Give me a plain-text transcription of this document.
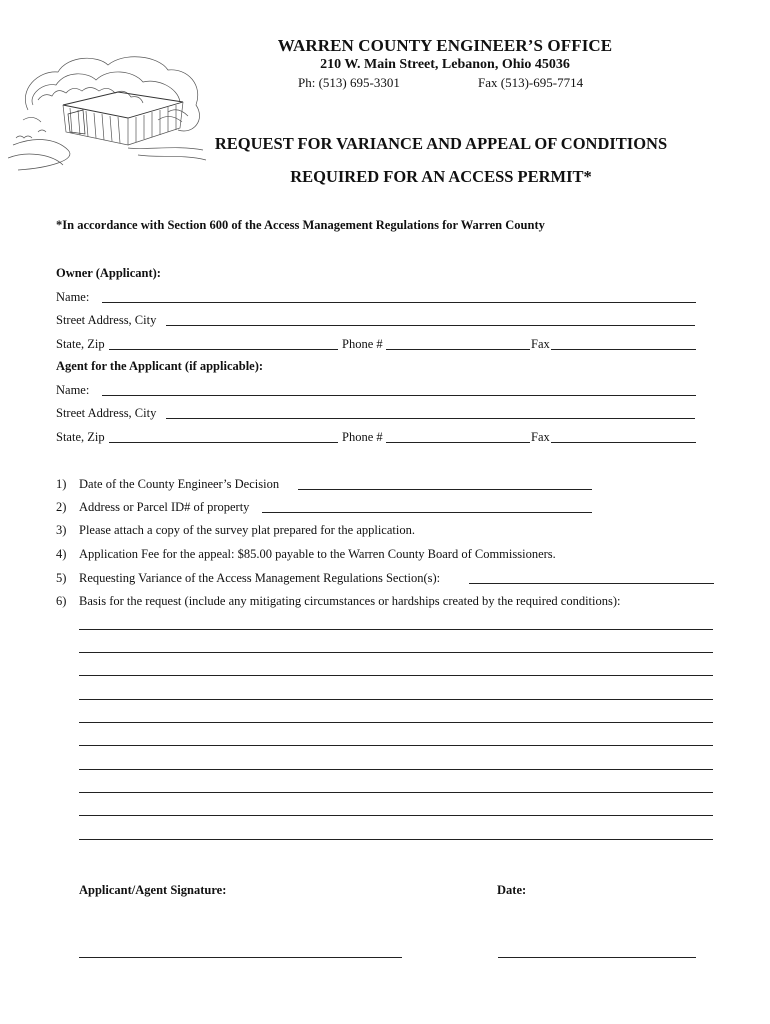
WARREN COUNTY ENGINEER’S OFFICE
210 W. Main Street, Lebanon, Ohio 45036
Ph: (513) 695-3301	Fax (513)-695-7714
REQUEST FOR VARIANCE AND APPEAL OF CONDITIONS
REQUIRED FOR AN ACCESS PERMIT*
*In accordance with Section 600 of the Access Management Regulations for Warren County
Owner (Applicant):
Name:
Street Address, City
State, Zip	Phone #	Fax
Agent for the Applicant (if applicable):
Name:
Street Address, City
State, Zip	Phone #	Fax
1) Date of the County Engineer’s Decision
2) Address or Parcel ID# of property
3) Please attach a copy of the survey plat prepared for the application.
4) Application Fee for the appeal: $85.00 payable to the Warren County Board of Commissioners.
5) Requesting Variance of the Access Management Regulations Section(s):
6) Basis for the request (include any mitigating circumstances or hardships created by the required conditions):
Applicant/Agent Signature:	Date:
